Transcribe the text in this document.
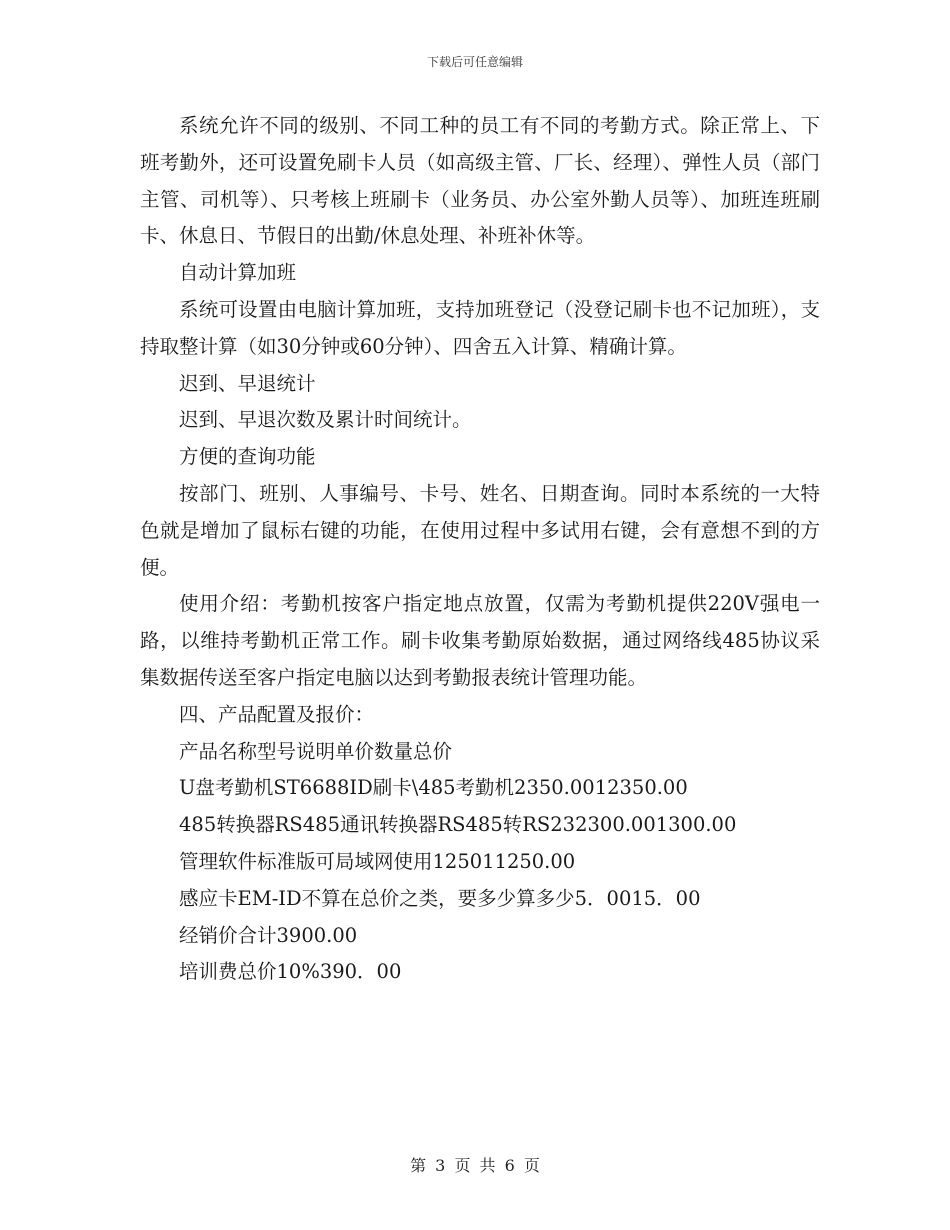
下载后可任意编辑

系统允许不同的级别、不同工种的员工有不同的考勤方式。除正常上、下班考勤外，还可设置免刷卡人员（如高级主管、厂长、经理）、弹性人员（部门主管、司机等）、只考核上班刷卡（业务员、办公室外勤人员等）、加班连班刷卡、休息日、节假日的出勤/休息处理、补班补休等。

自动计算加班

系统可设置由电脑计算加班，支持加班登记（没登记刷卡也不记加班），支持取整计算（如30分钟或60分钟）、四舍五入计算、精确计算。

迟到、早退统计

迟到、早退次数及累计时间统计。

方便的查询功能

按部门、班别、人事编号、卡号、姓名、日期查询。同时本系统的一大特色就是增加了鼠标右键的功能，在使用过程中多试用右键，会有意想不到的方便。

使用介绍：考勤机按客户指定地点放置，仅需为考勤机提供220V强电一路，以维持考勤机正常工作。刷卡收集考勤原始数据，通过网络线485协议采集数据传送至客户指定电脑以达到考勤报表统计管理功能。

四、产品配置及报价：

产品名称型号说明单价数量总价

U盘考勤机ST6688ID刷卡\485考勤机2350.0012350.00

485转换器RS485通讯转换器RS485转RS232300.001300.00

管理软件标准版可局域网使用125011250.00

感应卡EM-ID不算在总价之类，要多少算多少5．0015．00

经销价合计3900.00

培训费总价10%390．00

第 3 页 共 6 页
